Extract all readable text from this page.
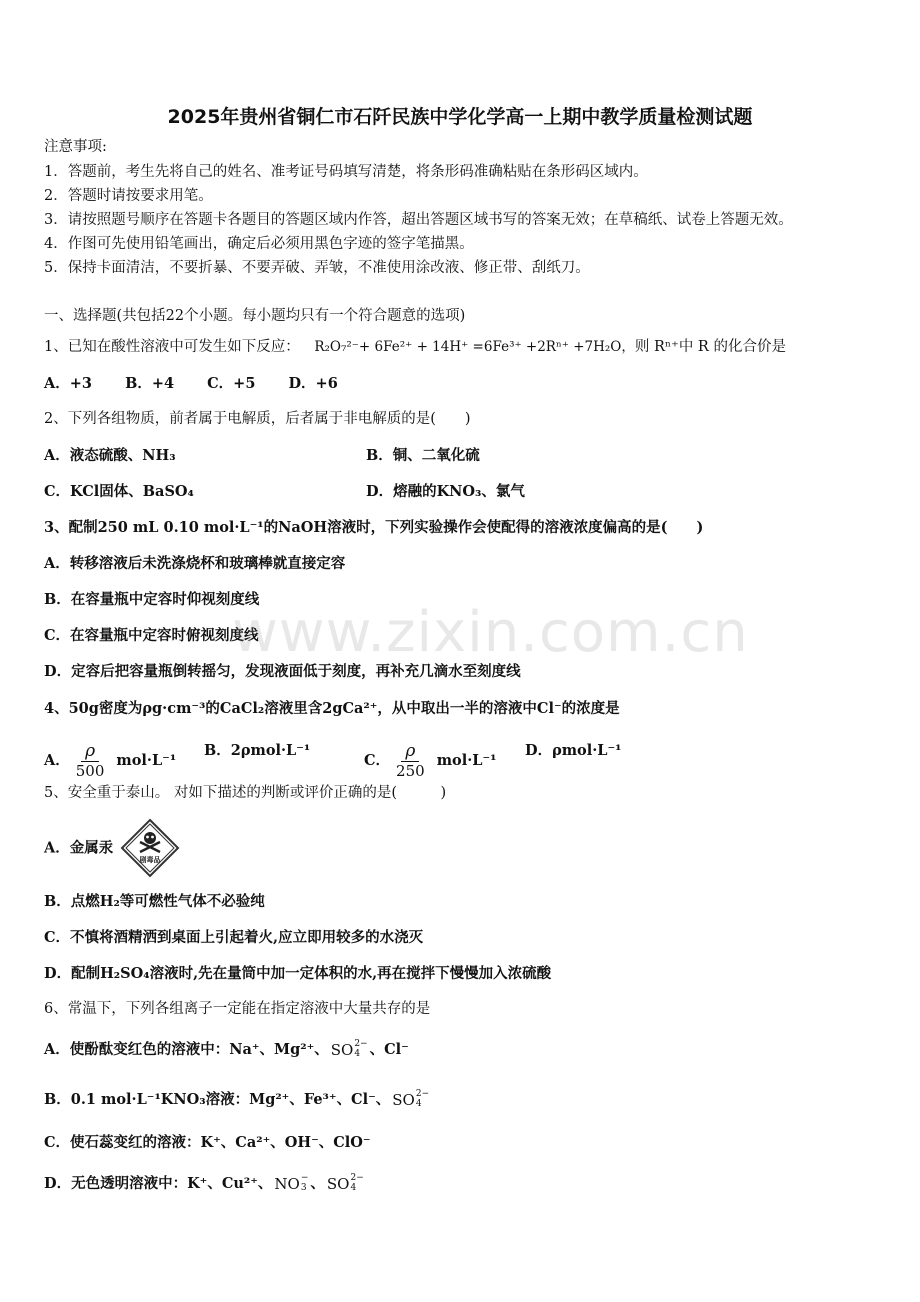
2025年贵州省铜仁市石阡民族中学化学高一上期中教学质量检测试题
注意事项:
1．答题前，考生先将自己的姓名、准考证号码填写清楚，将条形码准确粘贴在条形码区域内。
2．答题时请按要求用笔。
3．请按照题号顺序在答题卡各题目的答题区域内作答，超出答题区域书写的答案无效；在草稿纸、试卷上答题无效。
4．作图可先使用铅笔画出，确定后必须用黑色字迹的签字笔描黑。
5．保持卡面清洁，不要折暴、不要弄破、弄皱，不准使用涂改液、修正带、刮纸刀。
一、选择题(共包括22个小题。每小题均只有一个符合题意的选项)
1、已知在酸性溶液中可发生如下反应： R₂O₇²⁻+ 6Fe²⁺ + 14H⁺ =6Fe³⁺ +2Rⁿ⁺ +7H₂O，则 Rⁿ⁺中 R 的化合价是
A．+3 B．+4 C．+5 D．+6
2、下列各组物质，前者属于电解质，后者属于非电解质的是(　　)
A．液态硫酸、NH₃	B．铜、二氧化硫
C．KCl固体、BaSO₄	D．熔融的KNO₃、氯气
3、配制250 mL 0.10 mol·L⁻¹的NaOH溶液时，下列实验操作会使配得的溶液浓度偏高的是(　　)
A．转移溶液后未洗涤烧杯和玻璃棒就直接定容
B．在容量瓶中定容时仰视刻度线
C．在容量瓶中定容时俯视刻度线
D．定容后把容量瓶倒转摇匀，发现液面低于刻度，再补充几滴水至刻度线
4、50g密度为ρg·cm⁻³的CaCl₂溶液里含2gCa²⁺，从中取出一半的溶液中Cl⁻的浓度是
A． $\frac{\rho}{500} mol\cdot L^{-1}$
B．2ρmol·L⁻¹
C． $\frac{\rho}{250} mol\cdot L^{-1}$
D．ρmol·L⁻¹
5、安全重于泰山。 对如下描述的判断或评价正确的是(　　　)
A．金属汞
剧毒品
B．点燃H₂等可燃性气体不必验纯
C．不慎将酒精洒到桌面上引起着火,应立即用较多的水浇灭
D．配制H₂SO₄溶液时,先在量筒中加一定体积的水,再在搅拌下慢慢加入浓硫酸
6、常温下，下列各组离子一定能在指定溶液中大量共存的是
A．使酚酞变红色的溶液中：Na⁺、Mg²⁺、 SO 2−
4 、Cl⁻
B．0.1 mol·L⁻¹KNO₃溶液：Mg²⁺、Fe³⁺、Cl⁻、 SO 2−
4
C．使石蕊变红的溶液：K⁺、Ca²⁺、OH⁻、ClO⁻
D．无色透明溶液中：K⁺、Cu²⁺、 NO −
3 、 SO 2−
4
www.zixin.com.cn
